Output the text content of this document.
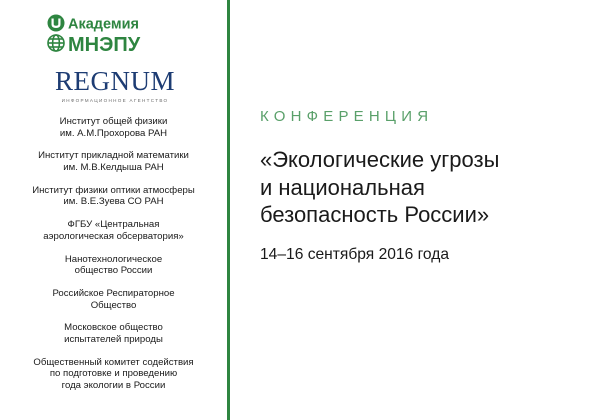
Академия
МНЭПУ
REGNUM
ИНФОРМАЦИОННОЕ АГЕНТСТВО
Институт общей физики
им. А.М.Прохорова РАН
Институт прикладной математики
им. М.В.Келдыша РАН
Институт физики оптики атмосферы
им. В.Е.Зуева СО РАН
ФГБУ «Центральная
аэрологическая обсерватория»
Нанотехнологическое
общество России
Российское Респираторное
Общество
Московское общество
испытателей природы
Общественный комитет содействия
по подготовке и проведению
года экологии в России
КОНФЕРЕНЦИЯ
«Экологические угрозы
и национальная
безопасность России»
14–16 сентября 2016 года
